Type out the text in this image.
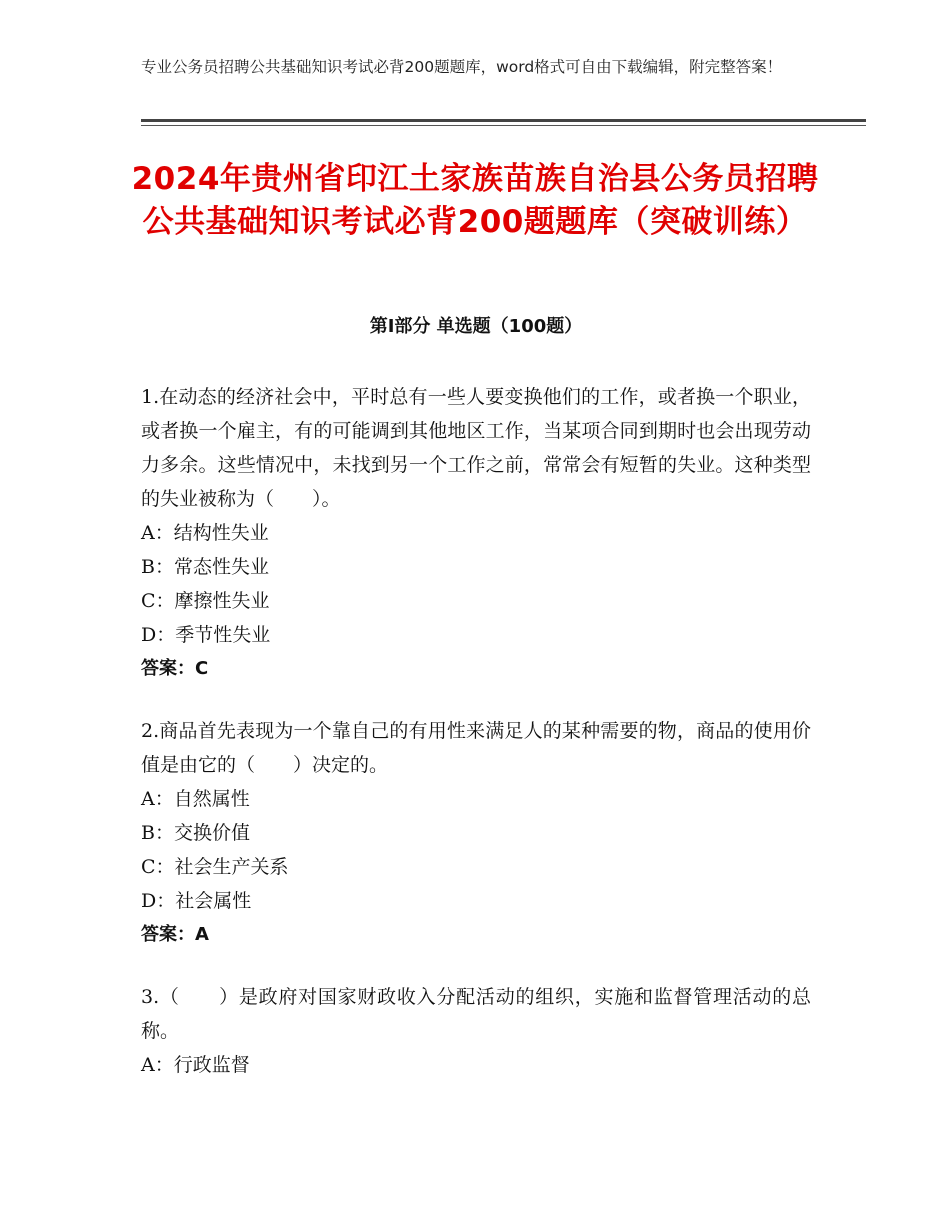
专业公务员招聘公共基础知识考试必背200题题库，word格式可自由下载编辑，附完整答案！
2024年贵州省印江土家族苗族自治县公务员招聘公共基础知识考试必背200题题库（突破训练）
第I部分 单选题（100题）
1.在动态的经济社会中，平时总有一些人要变换他们的工作，或者换一个职业，或者换一个雇主，有的可能调到其他地区工作，当某项合同到期时也会出现劳动力多余。这些情况中，未找到另一个工作之前，常常会有短暂的失业。这种类型的失业被称为（　　）。
A：结构性失业
B：常态性失业
C：摩擦性失业
D：季节性失业
答案：C
2.商品首先表现为一个靠自己的有用性来满足人的某种需要的物，商品的使用价值是由它的（　　）决定的。
A：自然属性
B：交换价值
C：社会生产关系
D：社会属性
答案：A
3.（　　）是政府对国家财政收入分配活动的组织，实施和监督管理活动的总称。
A：行政监督
